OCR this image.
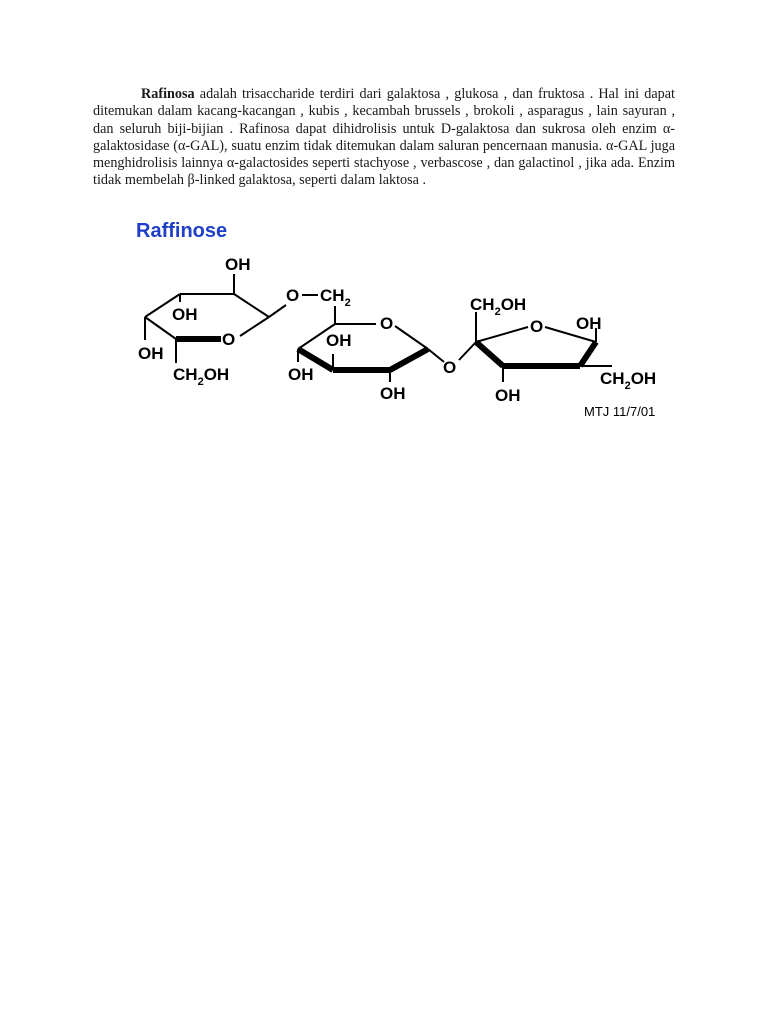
Rafinosa adalah trisaccharide terdiri dari galaktosa , glukosa , dan fruktosa . Hal ini dapat ditemukan dalam kacang-kacangan , kubis , kecambah brussels , brokoli , asparagus , lain sayuran , dan seluruh biji-bijian . Rafinosa dapat dihidrolisis untuk D-galaktosa dan sukrosa oleh enzim α-galaktosidase (α-GAL), suatu enzim tidak ditemukan dalam saluran pencernaan manusia. α-GAL juga menghidrolisis lainnya α-galactosides seperti stachyose , verbascose , dan galactinol , jika ada. Enzim tidak membelah β-linked galaktosa, seperti dalam laktosa .

Raffinose
OH
OH
O
OH
$CH_2OH$
O $CH_2$
O
OH
OH
OH
O
$CH_2OH$
O OH
OH
$CH_2OH$
MTJ 11/7/01
